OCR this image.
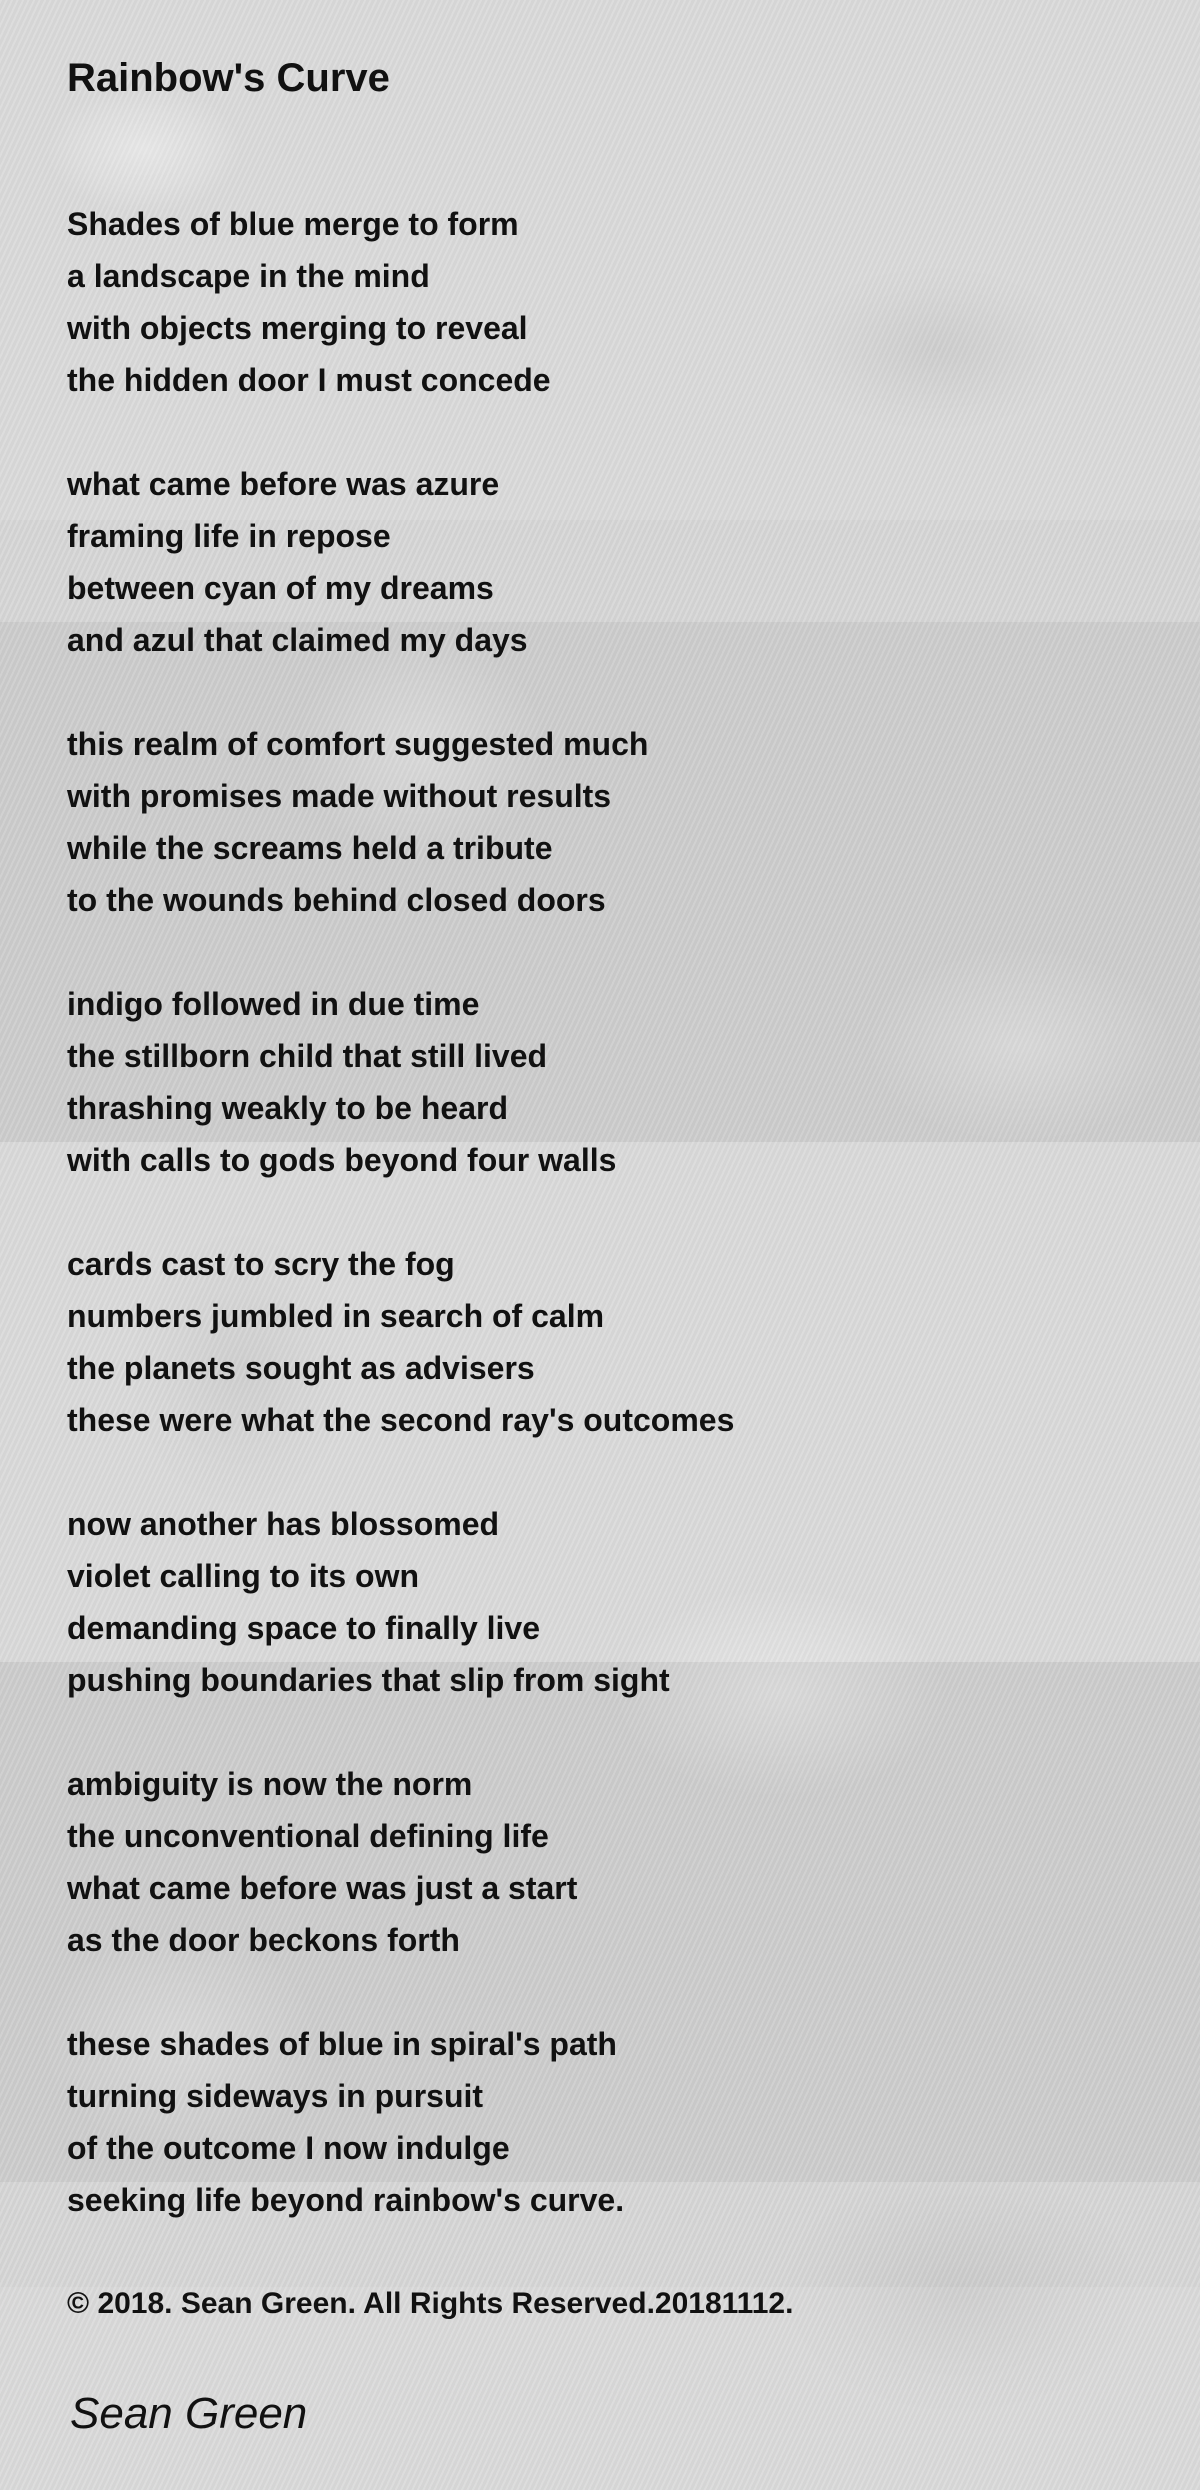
Rainbow's Curve
Shades of blue merge to form
a landscape in the mind
with objects merging to reveal
the hidden door I must concede
what came before was azure
framing life in repose
between cyan of my dreams
and azul that claimed my days
this realm of comfort suggested much
with promises made without results
while the screams held a tribute
to the wounds behind closed doors
indigo followed in due time
the stillborn child that still lived
thrashing weakly to be heard
with calls to gods beyond four walls
cards cast to scry the fog
numbers jumbled in search of calm
the planets sought as advisers
these were what the second ray's outcomes
now another has blossomed
violet calling to its own
demanding space to finally live
pushing boundaries that slip from sight
ambiguity is now the norm
the unconventional defining life
what came before was just a start
as the door beckons forth
these shades of blue in spiral's path
turning sideways in pursuit
of the outcome I now indulge
seeking life beyond rainbow's curve.
© 2018. Sean Green. All Rights Reserved.20181112.
Sean Green
